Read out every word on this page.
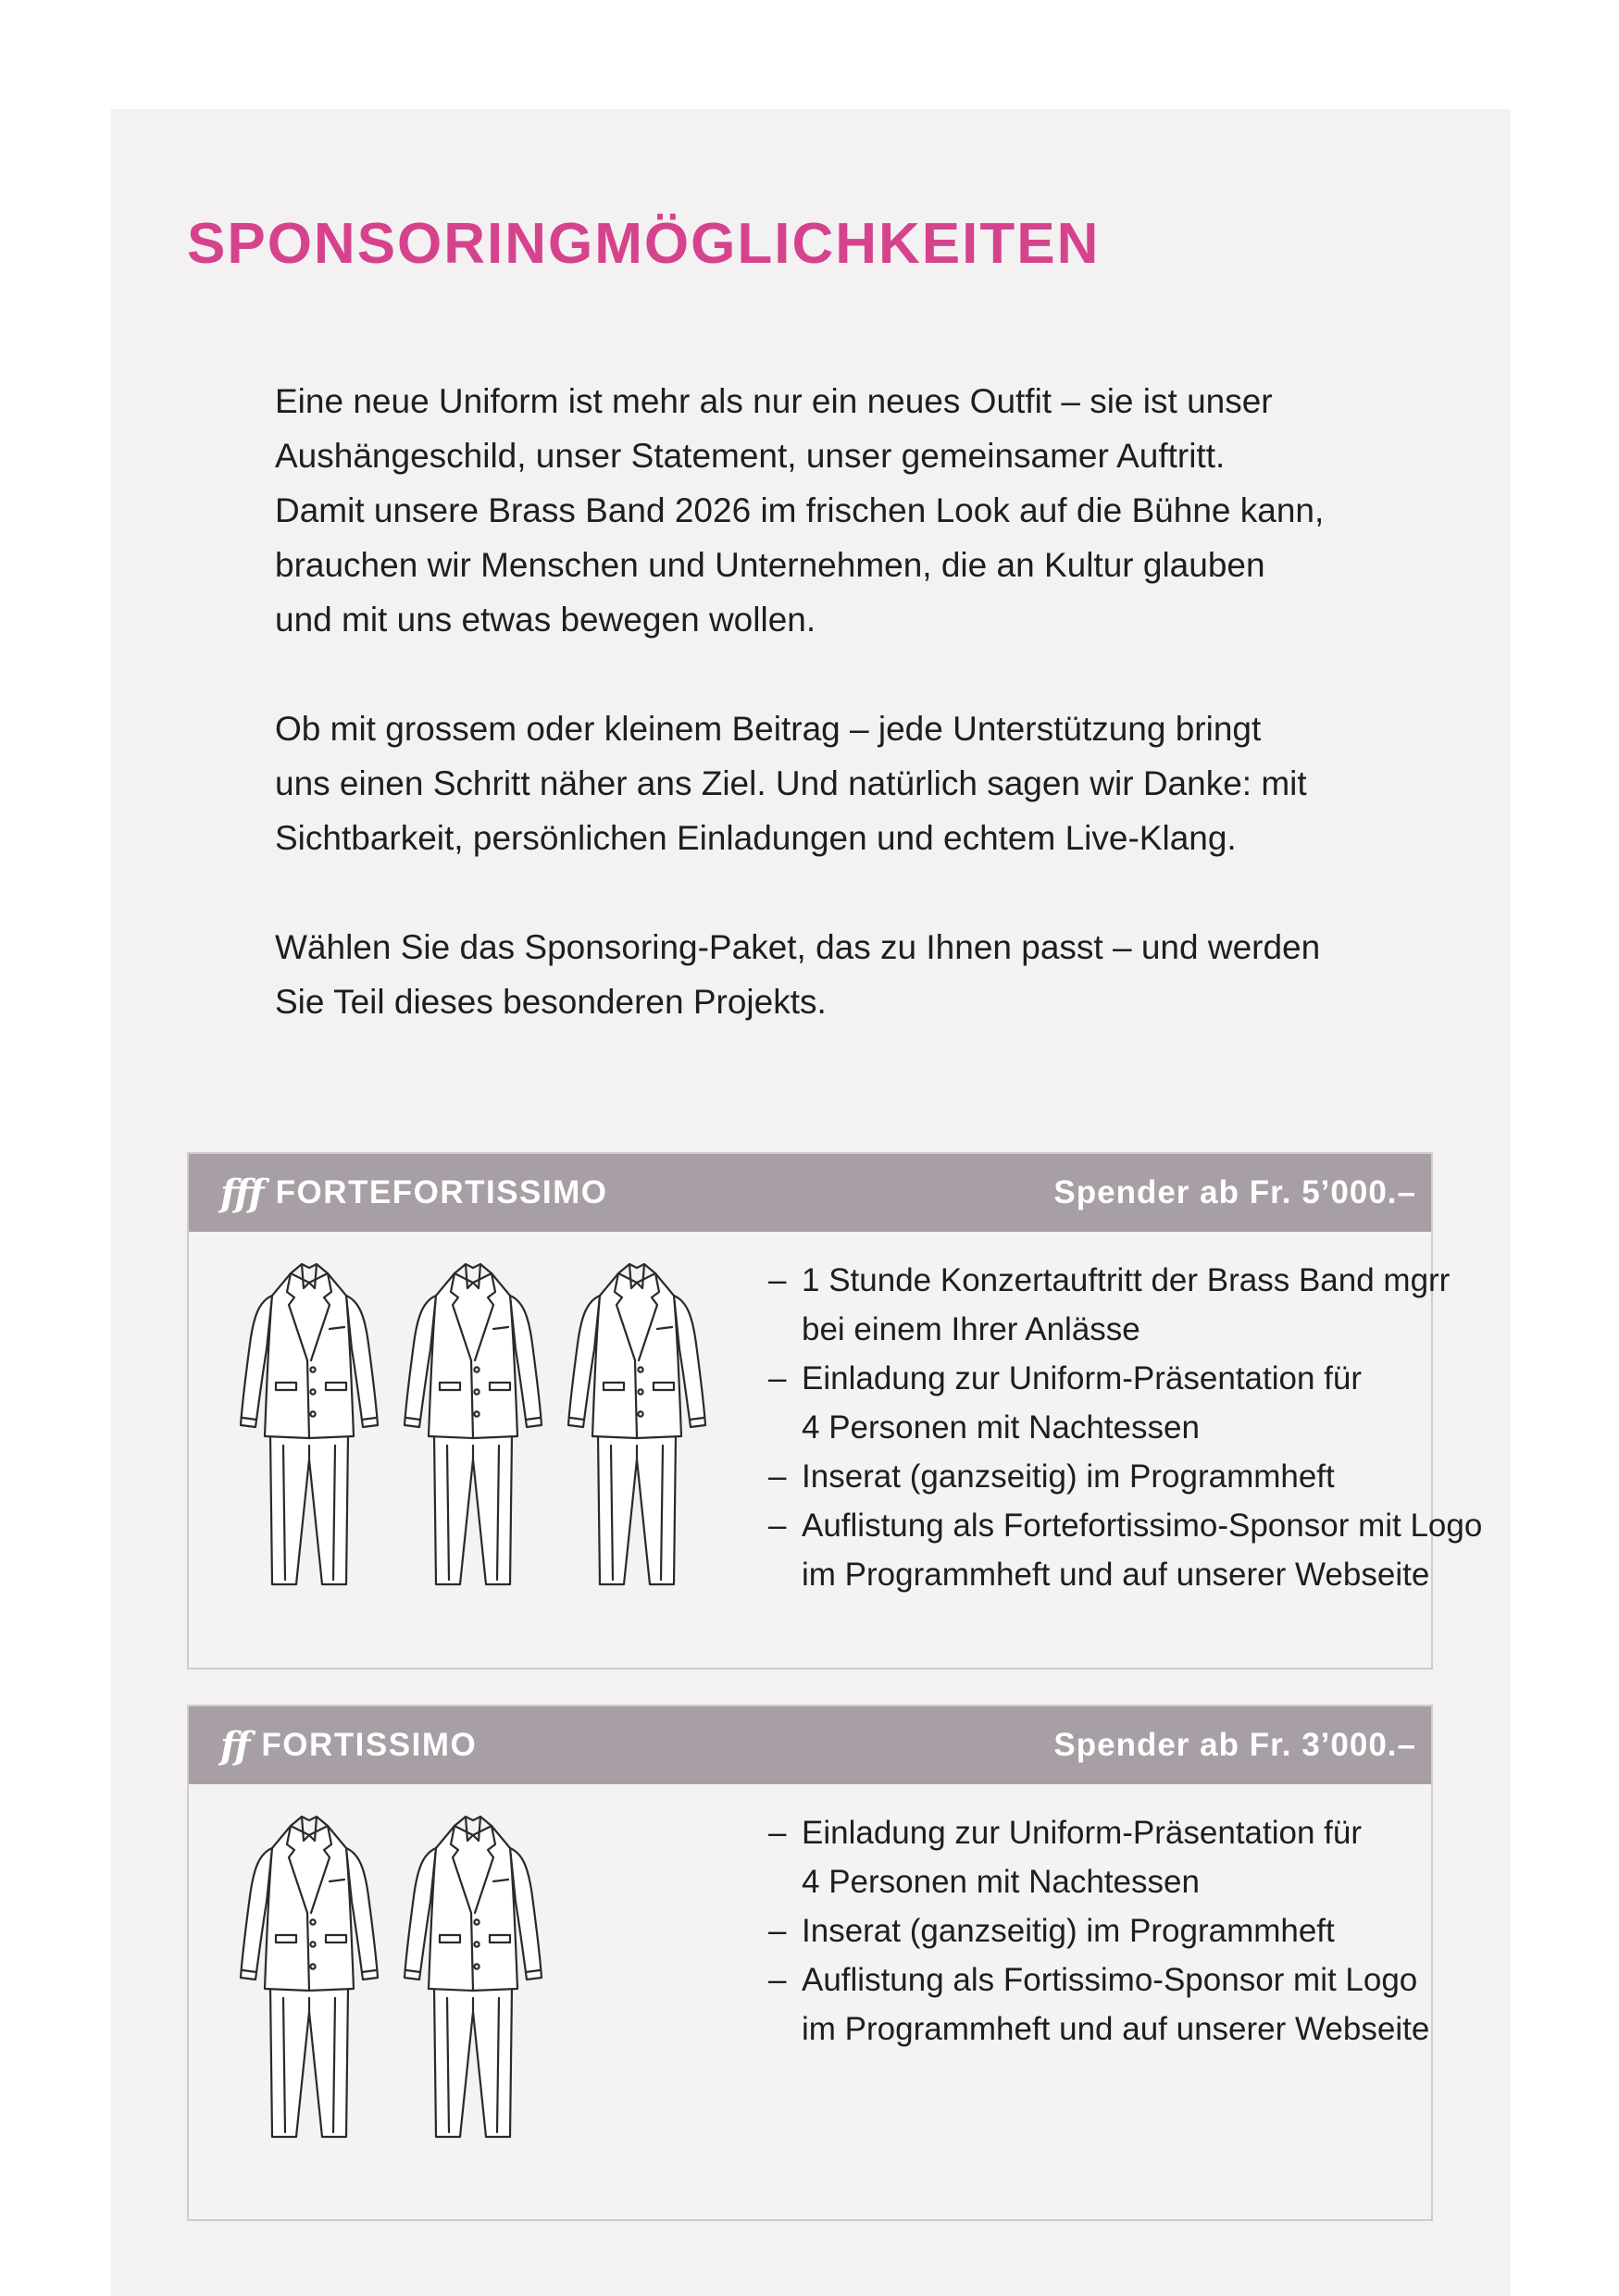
SPONSORINGMÖGLICHKEITEN

Eine neue Uniform ist mehr als nur ein neues Outfit – sie ist unser
Aushängeschild, unser Statement, unser gemeinsamer Auftritt.
Damit unsere Brass Band 2026 im frischen Look auf die Bühne kann,
brauchen wir Menschen und Unternehmen, die an Kultur glauben
und mit uns etwas bewegen wollen.

Ob mit grossem oder kleinem Beitrag – jede Unterstützung bringt
uns einen Schritt näher ans Ziel. Und natürlich sagen wir Danke: mit
Sichtbarkeit, persönlichen Einladungen und echtem Live-Klang.

Wählen Sie das Sponsoring-Paket, das zu Ihnen passt – und werden
Sie Teil dieses besonderen Projekts.

fff FORTEFORTISSIMO	Spender ab Fr. 5’000.–
– 1 Stunde Konzertauftritt der Brass Band mgrr
bei einem Ihrer Anlässe
– Einladung zur Uniform-Präsentation für
4 Personen mit Nachtessen
– Inserat (ganzseitig) im Programmheft
– Auflistung als Fortefortissimo-Sponsor mit Logo
im Programmheft und auf unserer Webseite
ff FORTISSIMO	Spender ab Fr. 3’000.–
– Einladung zur Uniform-Präsentation für
4 Personen mit Nachtessen
– Inserat (ganzseitig) im Programmheft
– Auflistung als Fortissimo-Sponsor mit Logo
im Programmheft und auf unserer Webseite
